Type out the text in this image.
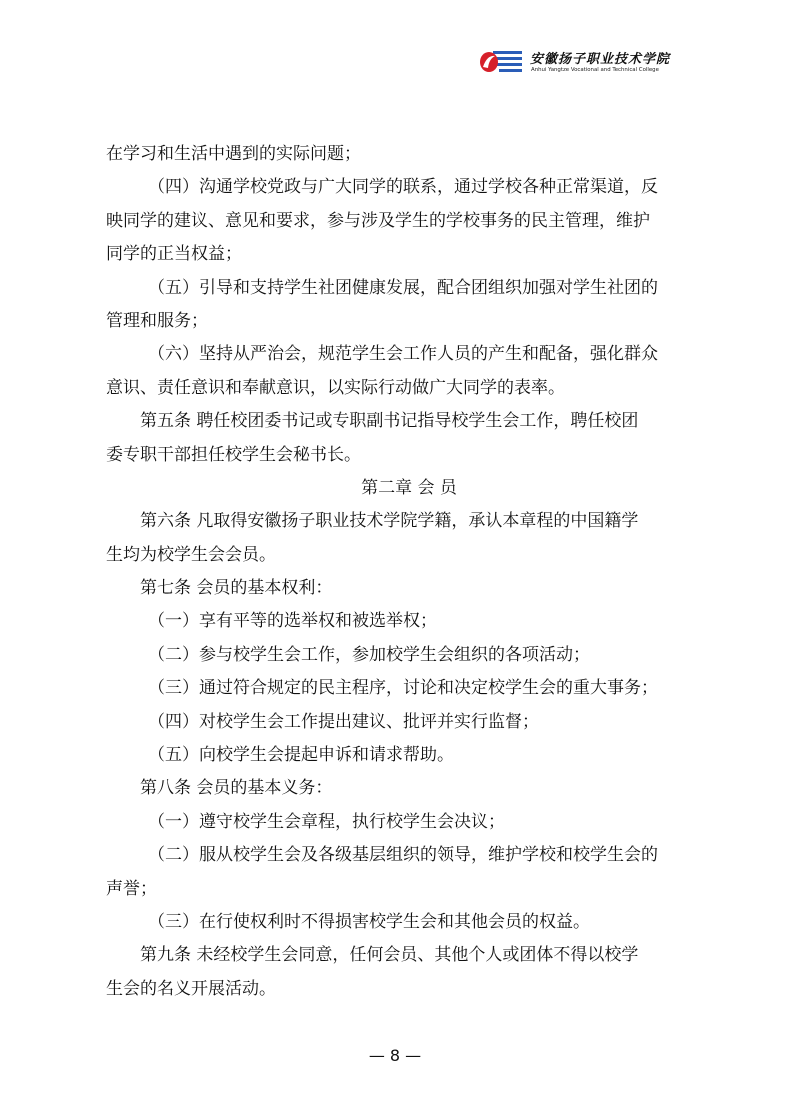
安徽扬子职业技术学院
Anhui Yangtze Vocational and Technical College
在学习和生活中遇到的实际问题；
（四）沟通学校党政与广大同学的联系，通过学校各种正常渠道，反
映同学的建议、意见和要求，参与涉及学生的学校事务的民主管理，维护
同学的正当权益；
（五）引导和支持学生社团健康发展，配合团组织加强对学生社团的
管理和服务；
（六）坚持从严治会，规范学生会工作人员的产生和配备，强化群众
意识、责任意识和奉献意识，以实际行动做广大同学的表率。
第五条 聘任校团委书记或专职副书记指导校学生会工作，聘任校团
委专职干部担任校学生会秘书长。
第二章 会 员
第六条 凡取得安徽扬子职业技术学院学籍，承认本章程的中国籍学
生均为校学生会会员。
第七条 会员的基本权利：
（一）享有平等的选举权和被选举权；
（二）参与校学生会工作，参加校学生会组织的各项活动；
（三）通过符合规定的民主程序，讨论和决定校学生会的重大事务；
（四）对校学生会工作提出建议、批评并实行监督；
（五）向校学生会提起申诉和请求帮助。
第八条 会员的基本义务：
（一）遵守校学生会章程，执行校学生会决议；
（二）服从校学生会及各级基层组织的领导，维护学校和校学生会的
声誉；
（三）在行使权利时不得损害校学生会和其他会员的权益。
第九条 未经校学生会同意，任何会员、其他个人或团体不得以校学
生会的名义开展活动。
— 8 —
